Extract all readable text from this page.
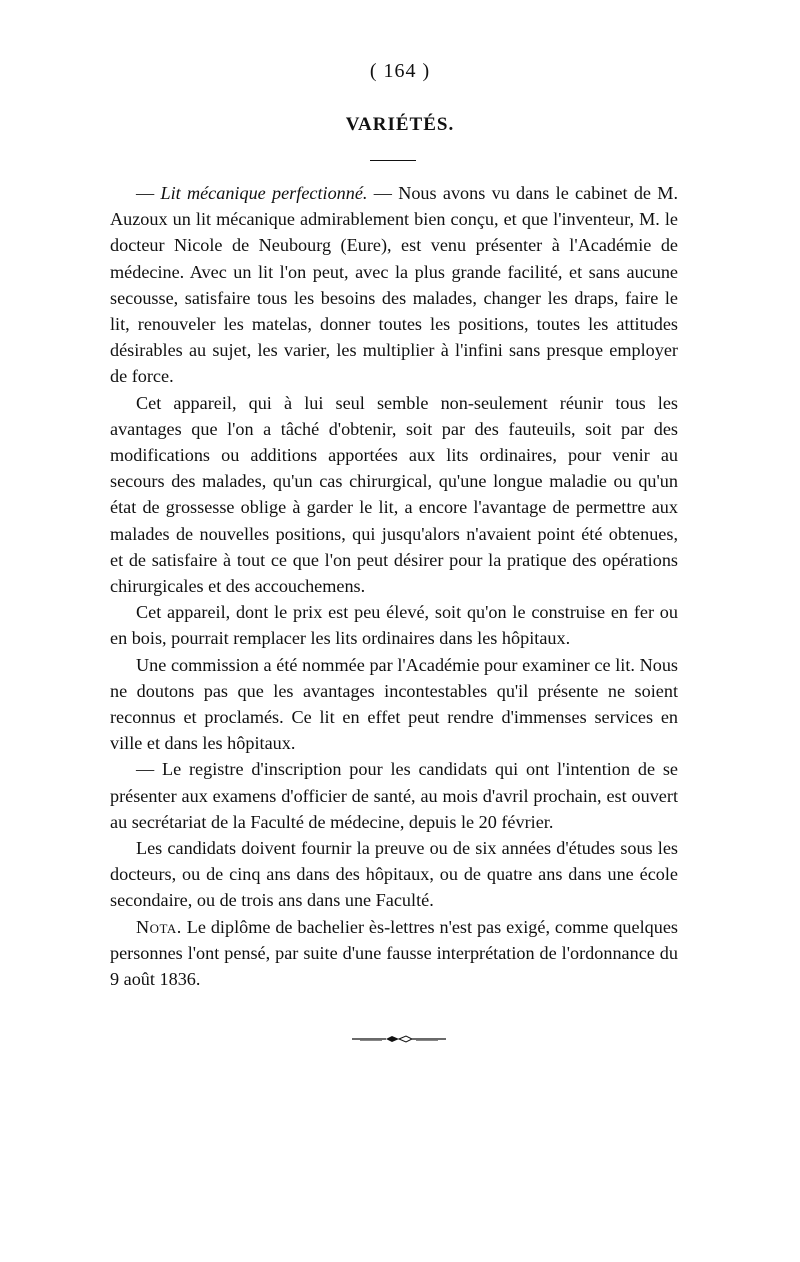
( 164 )
VARIÉTÉS.

— Lit mécanique perfectionné. — Nous avons vu dans le cabinet de M. Auzoux un lit mécanique admirablement bien conçu, et que l'inventeur, M. le docteur Nicole de Neubourg (Eure), est venu présenter à l'Académie de médecine. Avec un lit l'on peut, avec la plus grande facilité, et sans aucune secousse, satisfaire tous les besoins des malades, changer les draps, faire le lit, renouveler les matelas, donner toutes les positions, toutes les attitudes désirables au sujet, les varier, les multiplier à l'infini sans presque employer de force.

Cet appareil, qui à lui seul semble non-seulement réunir tous les avantages que l'on a tâché d'obtenir, soit par des fauteuils, soit par des modifications ou additions apportées aux lits ordinaires, pour venir au secours des malades, qu'un cas chirurgical, qu'une longue maladie ou qu'un état de grossesse oblige à garder le lit, a encore l'avantage de permettre aux malades de nouvelles positions, qui jusqu'alors n'avaient point été obtenues, et de satisfaire à tout ce que l'on peut désirer pour la pratique des opérations chirurgicales et des accouchemens.

Cet appareil, dont le prix est peu élevé, soit qu'on le construise en fer ou en bois, pourrait remplacer les lits ordinaires dans les hôpitaux.

Une commission a été nommée par l'Académie pour examiner ce lit. Nous ne doutons pas que les avantages incontestables qu'il présente ne soient reconnus et proclamés. Ce lit en effet peut rendre d'immenses services en ville et dans les hôpitaux.

— Le registre d'inscription pour les candidats qui ont l'intention de se présenter aux examens d'officier de santé, au mois d'avril prochain, est ouvert au secrétariat de la Faculté de médecine, depuis le 20 février.

Les candidats doivent fournir la preuve ou de six années d'études sous les docteurs, ou de cinq ans dans des hôpitaux, ou de quatre ans dans une école secondaire, ou de trois ans dans une Faculté.

Nota. Le diplôme de bachelier ès-lettres n'est pas exigé, comme quelques personnes l'ont pensé, par suite d'une fausse interprétation de l'ordonnance du 9 août 1836.
